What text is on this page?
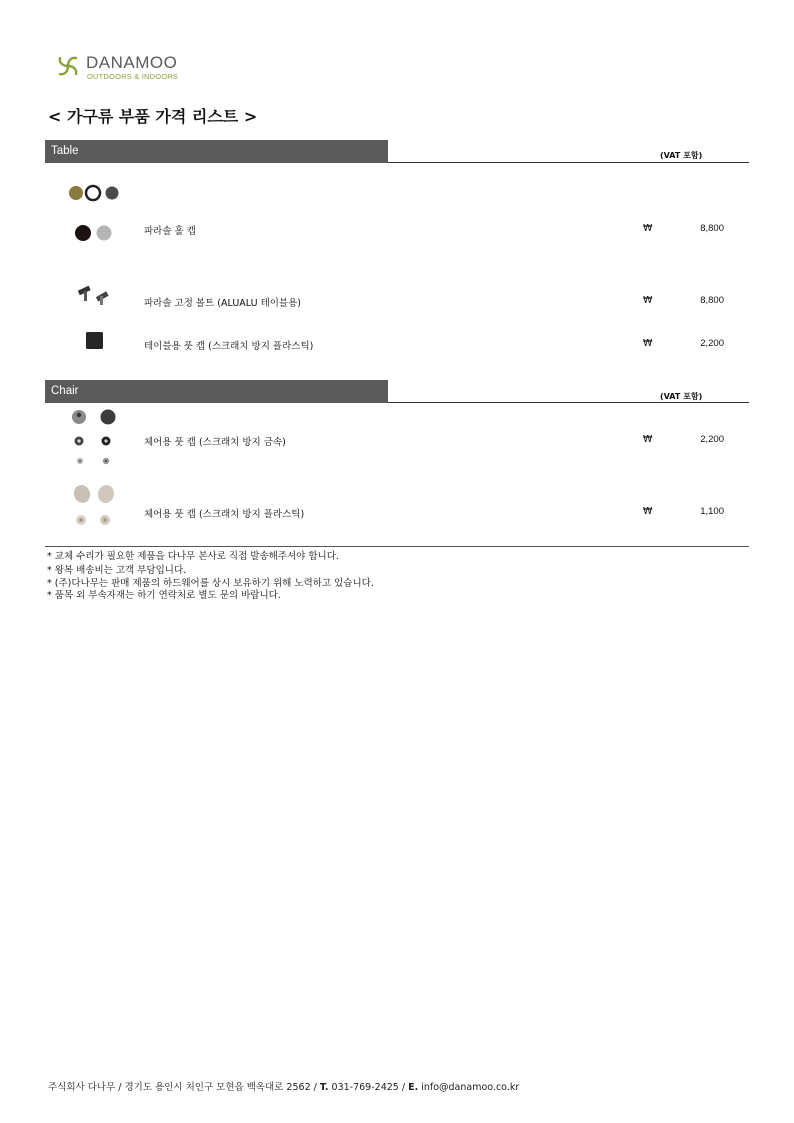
DANAMOO
OUTDOORS & INDOORS
< 가구류 부품 가격 리스트 >
Table	(VAT 포함)
파라솔 홀 캡	₩	8,800
파라솔 고정 볼트 (ALUALU 테이블용)	₩	8,800
테이블용 풋 캡 (스크래치 방지 플라스틱)	₩	2,200
Chair	(VAT 포함)
체어용 풋 캡 (스크래치 방지 금속)	₩	2,200
체어용 풋 캡 (스크래치 방지 플라스틱)	₩	1,100
* 교체 수리가 필요한 제품을 다나무 본사로 직접 발송해주셔야 합니다.
* 왕복 배송비는 고객 부담입니다.
* (주)다나무는 판매 제품의 하드웨어를 상시 보유하기 위해 노력하고 있습니다.
* 품목 외 부속자재는 하기 연락처로 별도 문의 바랍니다.
주식회사 다나무 / 경기도 용인시 처인구 모현읍 백옥대로 2562 / T. 031-769-2425 / E. info@danamoo.co.kr
